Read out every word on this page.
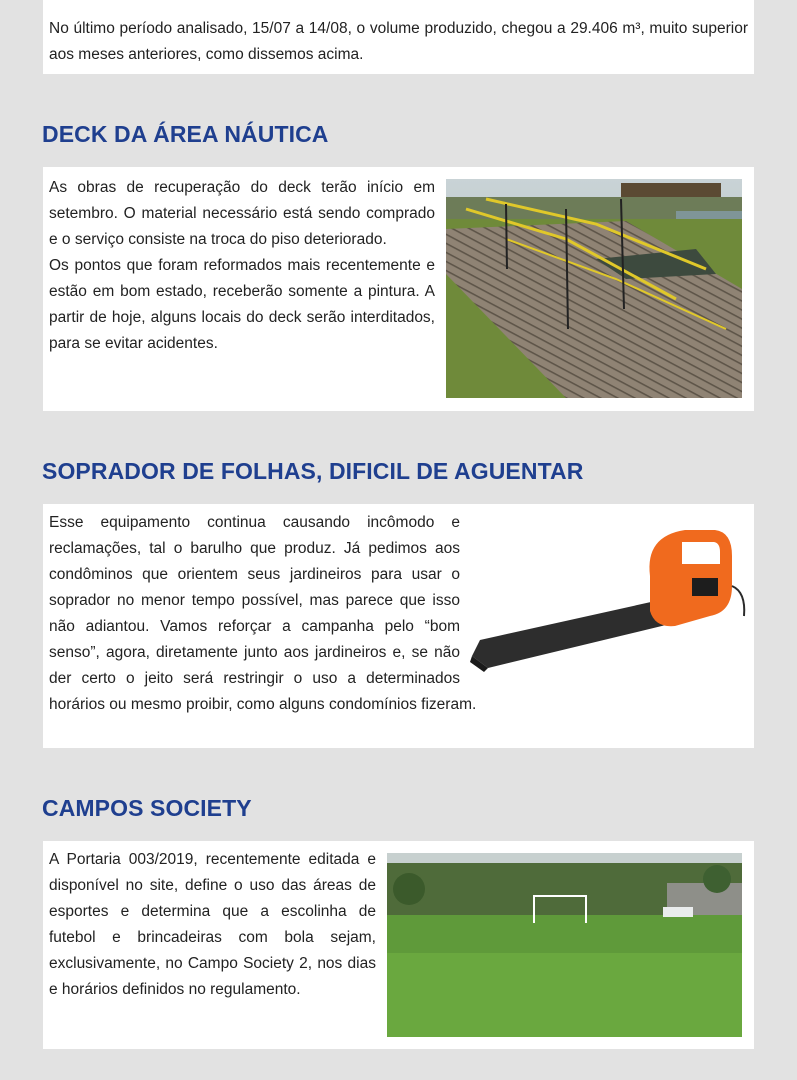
No último período analisado, 15/07 a 14/08, o volume produzido, chegou a 29.406 m³, muito superior aos meses anteriores, como dissemos acima.

DECK DA ÁREA NÁUTICA

As obras de recuperação do deck terão início em setembro. O material necessário está sendo comprado e o serviço consiste na troca do piso deteriorado.

Os pontos que foram reformados mais recentemente e estão em bom estado, receberão somente a pintura. A partir de hoje, alguns locais do deck serão interditados, para se evitar acidentes.

SOPRADOR DE FOLHAS, DIFICIL DE AGUENTAR

Esse equipamento continua causando incômodo e reclamações, tal o barulho que produz. Já pedimos aos condôminos que orientem seus jardineiros para usar o soprador no menor tempo possível, mas parece que isso não adiantou. Vamos reforçar a campanha pelo “bom senso”, agora, diretamente junto aos jardineiros e, se não der certo o jeito será restringir o uso a determinados horários ou mesmo proibir, como alguns condomínios fizeram.

CAMPOS SOCIETY

A Portaria 003/2019, recentemente editada e disponível no site, define o uso das áreas de esportes e determina que a escolinha de futebol e brincadeiras com bola sejam, exclusivamente, no Campo Society 2, nos dias e horários definidos no regulamento.
